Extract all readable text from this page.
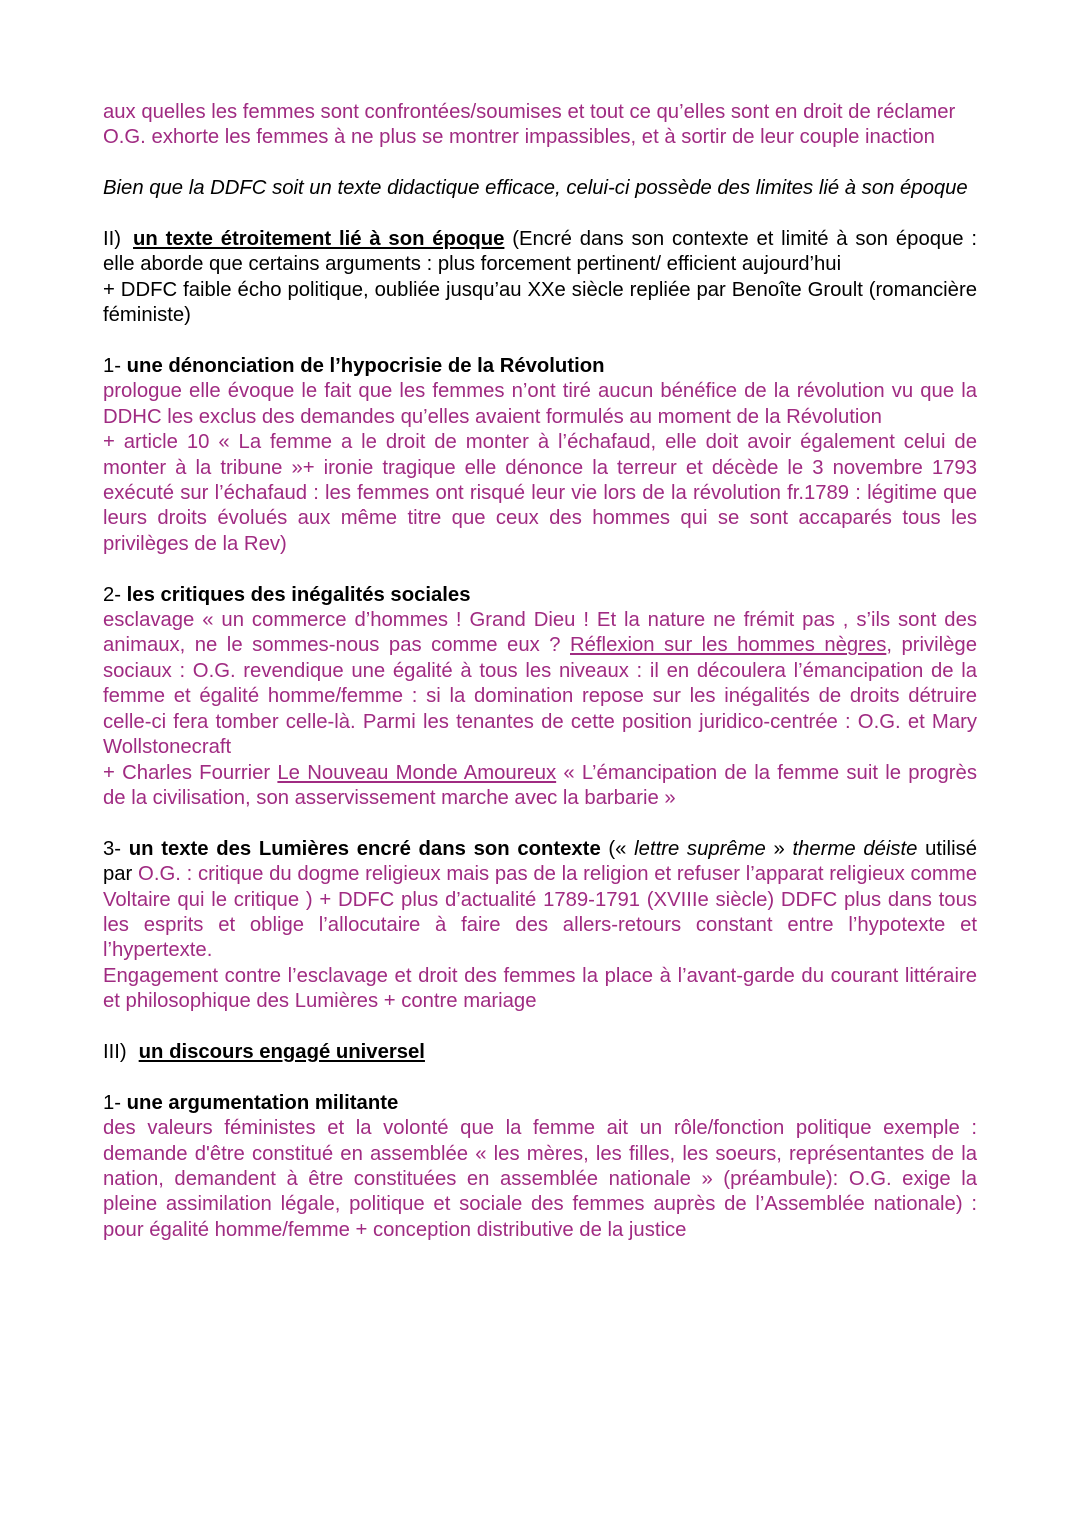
aux quelles les femmes sont confrontées/soumises et tout ce qu’elles sont en droit de réclamer

O.G. exhorte les femmes à ne plus se montrer impassibles, et à sortir de leur couple inaction

Bien que la DDFC soit un texte didactique efficace, celui-ci possède des limites lié à son époque

II) un texte étroitement lié à son époque (Encré dans son contexte et limité à son époque : elle aborde que certains arguments : plus forcement pertinent/ efficient aujourd’hui

+ DDFC faible écho politique, oubliée jusqu’au XXe siècle repliée par Benoîte Groult (romancière féministe)

1- une dénonciation de l’hypocrisie de la Révolution

prologue elle évoque le fait que les femmes n’ont tiré aucun bénéfice de la révolution vu que la DDHC les exclus des demandes qu’elles avaient formulés au moment de la Révolution

+ article 10 « La femme a le droit de monter à l’échafaud, elle doit avoir également celui de monter à la tribune »+ ironie tragique elle dénonce la terreur et décède le 3 novembre 1793 exécuté sur l’échafaud : les femmes ont risqué leur vie lors de la révolution fr.1789 : légitime que leurs droits évolués aux même titre que ceux des hommes qui se sont accaparés tous les privilèges de la Rev)

2- les critiques des inégalités sociales

esclavage « un commerce d’hommes ! Grand Dieu ! Et la nature ne frémit pas , s’ils sont des animaux, ne le sommes-nous pas comme eux ? Réflexion sur les hommes nègres, privilège sociaux : O.G. revendique une égalité à tous les niveaux : il en découlera l’émancipation de la femme et égalité homme/femme : si la domination repose sur les inégalités de droits détruire celle-ci fera tomber celle-là. Parmi les tenantes de cette position juridico-centrée : O.G. et Mary Wollstonecraft

+ Charles Fourrier Le Nouveau Monde Amoureux « L’émancipation de la femme suit le progrès de la civilisation, son asservissement marche avec la barbarie »

3- un texte des Lumières encré dans son contexte (« lettre suprême » therme déiste utilisé par O.G. : critique du dogme religieux mais pas de la religion et refuser l’apparat religieux comme Voltaire qui le critique ) + DDFC plus d’actualité 1789-1791 (XVIIIe siècle) DDFC plus dans tous les esprits et oblige l’allocutaire à faire des allers-retours constant entre l’hypotexte et l’hypertexte.

Engagement contre l’esclavage et droit des femmes la place à l’avant-garde du courant littéraire et philosophique des Lumières + contre mariage

III) un discours engagé universel

1- une argumentation militante

des valeurs féministes et la volonté que la femme ait un rôle/fonction politique exemple : demande d'être constitué en assemblée « les mères, les filles, les soeurs, représentantes de la nation, demandent à être constituées en assemblée nationale » (préambule): O.G. exige la pleine assimilation légale, politique et sociale des femmes auprès de l’Assemblée nationale) : pour égalité homme/femme + conception distributive de la justice
